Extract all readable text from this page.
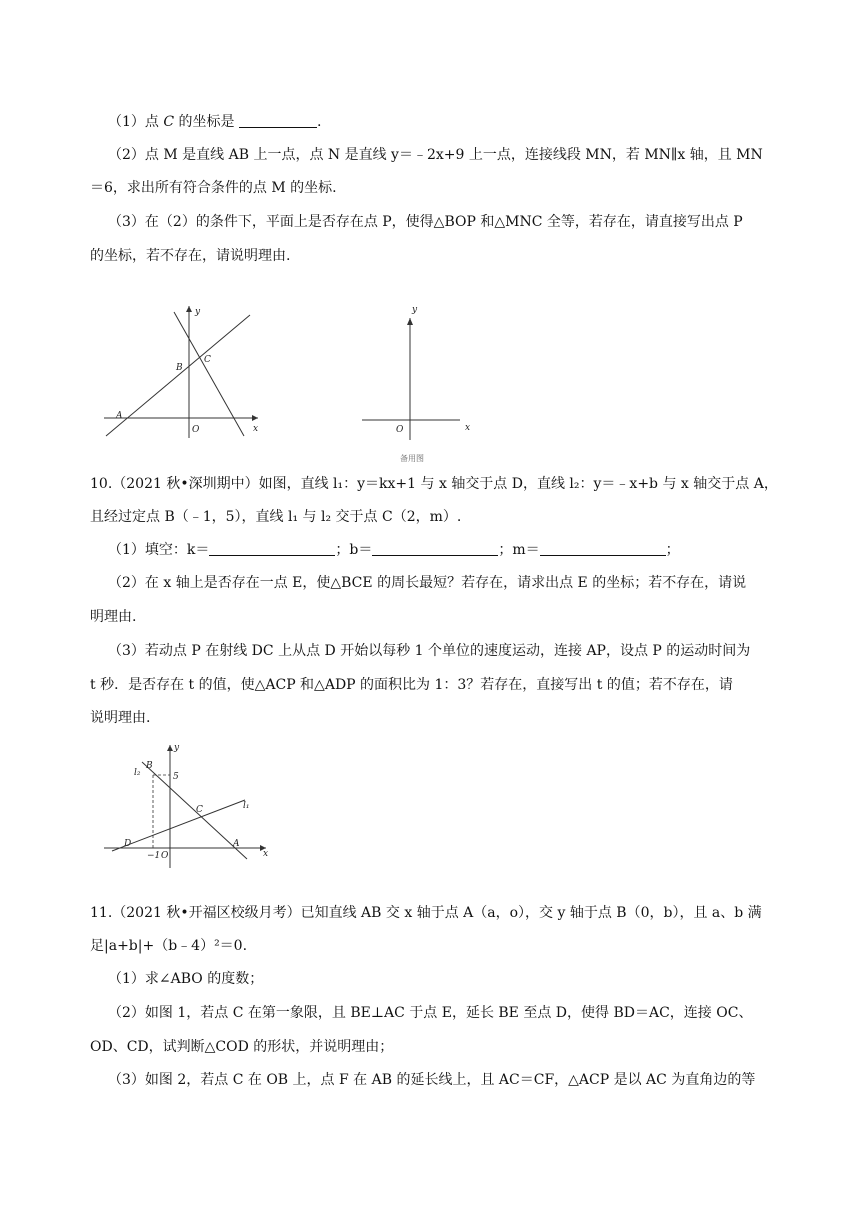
（1）点 C 的坐标是	.
（2）点 M 是直线 AB 上一点，点 N 是直线 y＝﹣2x+9 上一点，连接线段 MN，若 MN∥x 轴，且 MN
＝6，求出所有符合条件的点 M 的坐标.
（3）在（2）的条件下，平面上是否存在点 P，使得△BOP 和△MNC 全等，若存在，请直接写出点 P
的坐标，若不存在，请说明理由.
y
x
O
A
B
C
y
x
O
备用图
10.（2021 秋•深圳期中）如图，直线 l₁：y＝kx+1 与 x 轴交于点 D，直线 l₂：y＝﹣x+b 与 x 轴交于点 A，
且经过定点 B（﹣1，5），直线 l₁ 与 l₂ 交于点 C（2，m）.
（1）填空：k＝	；b＝	；m＝	；
（2）在 x 轴上是否存在一点 E，使△BCE 的周长最短？若存在，请求出点 E 的坐标；若不存在，请说
明理由.
（3）若动点 P 在射线 DC 上从点 D 开始以每秒 1 个单位的速度运动，连接 AP，设点 P 的运动时间为
t 秒．是否存在 t 的值，使△ACP 和△ADP 的面积比为 1：3？若存在，直接写出 t 的值；若不存在，请
说明理由.
y
x
B
l₂	5
C	l₁
D	A
−1 O
11.（2021 秋•开福区校级月考）已知直线 AB 交 x 轴于点 A（a，o），交 y 轴于点 B（0，b），且 a、b 满
足|a+b|+（b﹣4）²＝0.
（1）求∠ABO 的度数；
（2）如图 1，若点 C 在第一象限，且 BE⊥AC 于点 E，延长 BE 至点 D，使得 BD＝AC，连接 OC、
OD、CD，试判断△COD 的形状，并说明理由；
（3）如图 2，若点 C 在 OB 上，点 F 在 AB 的延长线上，且 AC＝CF，△ACP 是以 AC 为直角边的等
